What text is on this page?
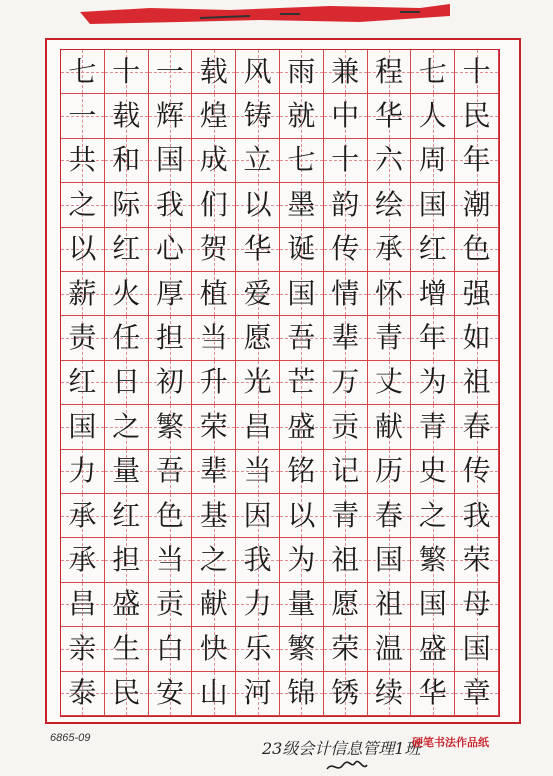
七 十 一 载 风 雨 兼 程 七 十
一 载 辉 煌 铸 就 中 华 人 民
共 和 国 成 立 七 十 六 周 年
之 际 我 们 以 墨 韵 绘 国 潮
以 红 心 贺 华 诞 传 承 红 色
薪 火 厚 植 爱 国 情 怀 增 强
责 任 担 当 愿 吾 辈 青 年 如
红 日 初 升 光 芒 万 丈 为 祖
国 之 繁 荣 昌 盛 贡 献 青 春
力 量 吾 辈 当 铭 记 历 史 传
承 红 色 基 因 以 青 春 之 我
承 担 当 之 我 为 祖 国 繁 荣
昌 盛 贡 献 力 量 愿 祖 国 母
亲 生 白 快 乐 繁 荣 温 盛 国
泰 民 安 山 河 锦 锈 续 华 章
6865-09
23级会计信息管理1班
硬笔书法作品纸
